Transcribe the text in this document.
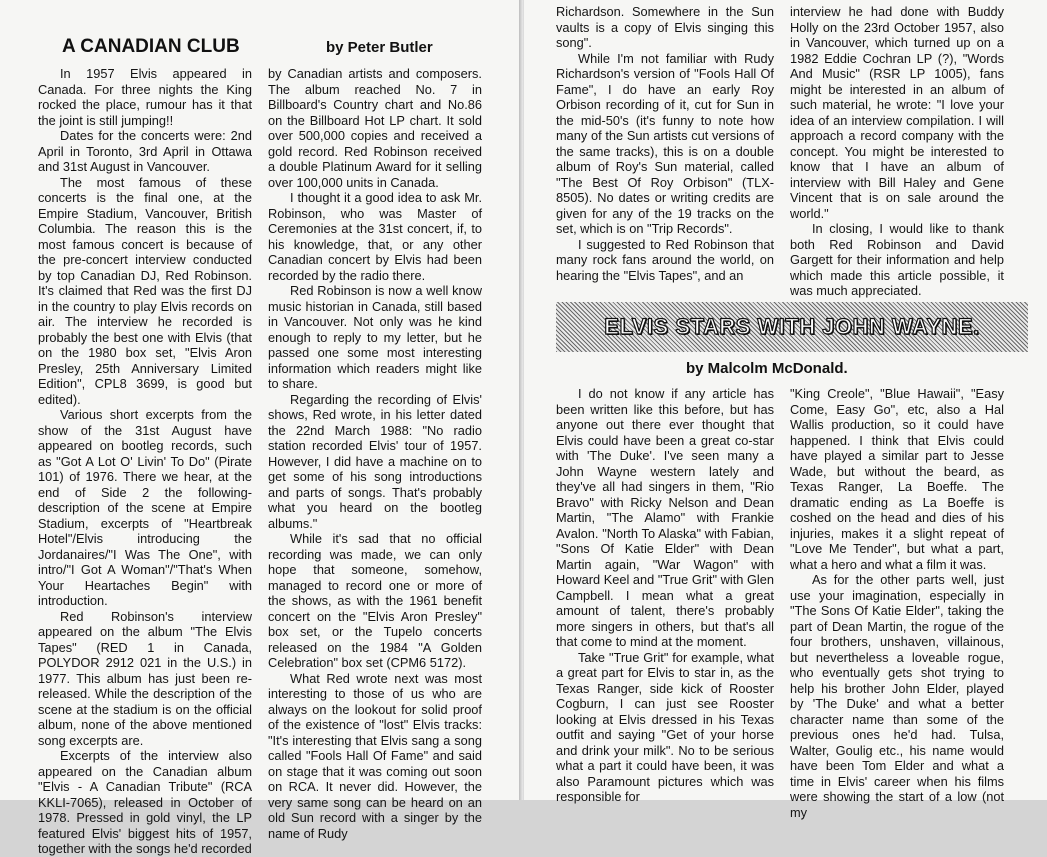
A CANADIAN CLUB	by Peter Butler

In 1957 Elvis appeared in Canada. For three nights the King rocked the place, rumour has it that the joint is still jumping!!

Dates for the concerts were: 2nd April in Toronto, 3rd April in Ottawa and 31st August in Vancouver.

The most famous of these concerts is the final one, at the Empire Stadium, Vancouver, British Columbia. The reason this is the most famous concert is because of the pre-concert interview conducted by top Canadian DJ, Red Robinson. It's claimed that Red was the first DJ in the country to play Elvis records on air. The interview he recorded is probably the best one with Elvis (that on the 1980 box set, "Elvis Aron Presley, 25th Anniversary Limited Edition", CPL8 3699, is good but edited).

Various short excerpts from the show of the 31st August have appeared on bootleg records, such as "Got A Lot O' Livin' To Do" (Pirate 101) of 1976. There we hear, at the end of Side 2 the following-description of the scene at Empire Stadium, excerpts of "Heartbreak Hotel"/Elvis introducing the Jordanaires/"I Was The One", with intro/"I Got A Woman"/"That's When Your Heartaches Begin" with introduction.

Red Robinson's interview appeared on the album "The Elvis Tapes" (RED 1 in Canada, POLYDOR 2912 021 in the U.S.) in 1977. This album has just been re-released. While the description of the scene at the stadium is on the official album, none of the above mentioned song excerpts are.

Excerpts of the interview also appeared on the Canadian album "Elvis - A Canadian Tribute" (RCA KKLI-7065), released in October of 1978. Pressed in gold vinyl, the LP featured Elvis' biggest hits of 1957, together with the songs he'd recorded

by Canadian artists and composers. The album reached No. 7 in Billboard's Country chart and No.86 on the Billboard Hot LP chart. It sold over 500,000 copies and received a gold record. Red Robinson received a double Platinum Award for it selling over 100,000 units in Canada.

I thought it a good idea to ask Mr. Robinson, who was Master of Ceremonies at the 31st concert, if, to his knowledge, that, or any other Canadian concert by Elvis had been recorded by the radio there.

Red Robinson is now a well know music historian in Canada, still based in Vancouver. Not only was he kind enough to reply to my letter, but he passed one some most interesting information which readers might like to share.

Regarding the recording of Elvis' shows, Red wrote, in his letter dated the 22nd March 1988: "No radio station recorded Elvis' tour of 1957. However, I did have a machine on to get some of his song introductions and parts of songs. That's probably what you heard on the bootleg albums."

While it's sad that no official recording was made, we can only hope that someone, somehow, managed to record one or more of the shows, as with the 1961 benefit concert on the "Elvis Aron Presley" box set, or the Tupelo concerts released on the 1984 "A Golden Celebration" box set (CPM6 5172).

What Red wrote next was most interesting to those of us who are always on the lookout for solid proof of the existence of "lost" Elvis tracks: "It's interesting that Elvis sang a song called "Fools Hall Of Fame" and said on stage that it was coming out soon on RCA. It never did. However, the very same song can be heard on an old Sun record with a singer by the name of Rudy

Richardson. Somewhere in the Sun vaults is a copy of Elvis singing this song".

While I'm not familiar with Rudy Richardson's version of "Fools Hall Of Fame", I do have an early Roy Orbison recording of it, cut for Sun in the mid-50's (it's funny to note how many of the Sun artists cut versions of the same tracks), this is on a double album of Roy's Sun material, called "The Best Of Roy Orbison" (TLX-8505). No dates or writing credits are given for any of the 19 tracks on the set, which is on "Trip Records".

I suggested to Red Robinson that many rock fans around the world, on hearing the "Elvis Tapes", and an

interview he had done with Buddy Holly on the 23rd October 1957, also in Vancouver, which turned up on a 1982 Eddie Cochran LP (?), "Words And Music" (RSR LP 1005), fans might be interested in an album of such material, he wrote: "I love your idea of an interview compilation. I will approach a record company with the concept. You might be interested to know that I have an album of interview with Bill Haley and Gene Vincent that is on sale around the world."

In closing, I would like to thank both Red Robinson and David Gargett for their information and help which made this article possible, it was much appreciated.

ELVIS STARS WITH JOHN WAYNE.
by Malcolm McDonald.

I do not know if any article has been written like this before, but has anyone out there ever thought that Elvis could have been a great co-star with 'The Duke'. I've seen many a John Wayne western lately and they've all had singers in them, "Rio Bravo" with Ricky Nelson and Dean Martin, "The Alamo" with Frankie Avalon. "North To Alaska" with Fabian, "Sons Of Katie Elder" with Dean Martin again, "War Wagon" with Howard Keel and "True Grit" with Glen Campbell. I mean what a great amount of talent, there's probably more singers in others, but that's all that come to mind at the moment.

Take "True Grit" for example, what a great part for Elvis to star in, as the Texas Ranger, side kick of Rooster Cogburn, I can just see Rooster looking at Elvis dressed in his Texas outfit and saying "Get of your horse and drink your milk". No to be serious what a part it could have been, it was also Paramount pictures which was responsible for

"King Creole", "Blue Hawaii", "Easy Come, Easy Go", etc, also a Hal Wallis production, so it could have happened. I think that Elvis could have played a similar part to Jesse Wade, but without the beard, as Texas Ranger, La Boeffe. The dramatic ending as La Boeffe is coshed on the head and dies of his injuries, makes it a slight repeat of "Love Me Tender", but what a part, what a hero and what a film it was.

As for the other parts well, just use your imagination, especially in "The Sons Of Katie Elder", taking the part of Dean Martin, the rogue of the four brothers, unshaven, villainous, but nevertheless a loveable rogue, who eventually gets shot trying to help his brother John Elder, played by 'The Duke' and what a better character name than some of the previous ones he'd had. Tulsa, Walter, Goulig etc., his name would have been Tom Elder and what a time in Elvis' career when his films were showing the start of a low (not my
